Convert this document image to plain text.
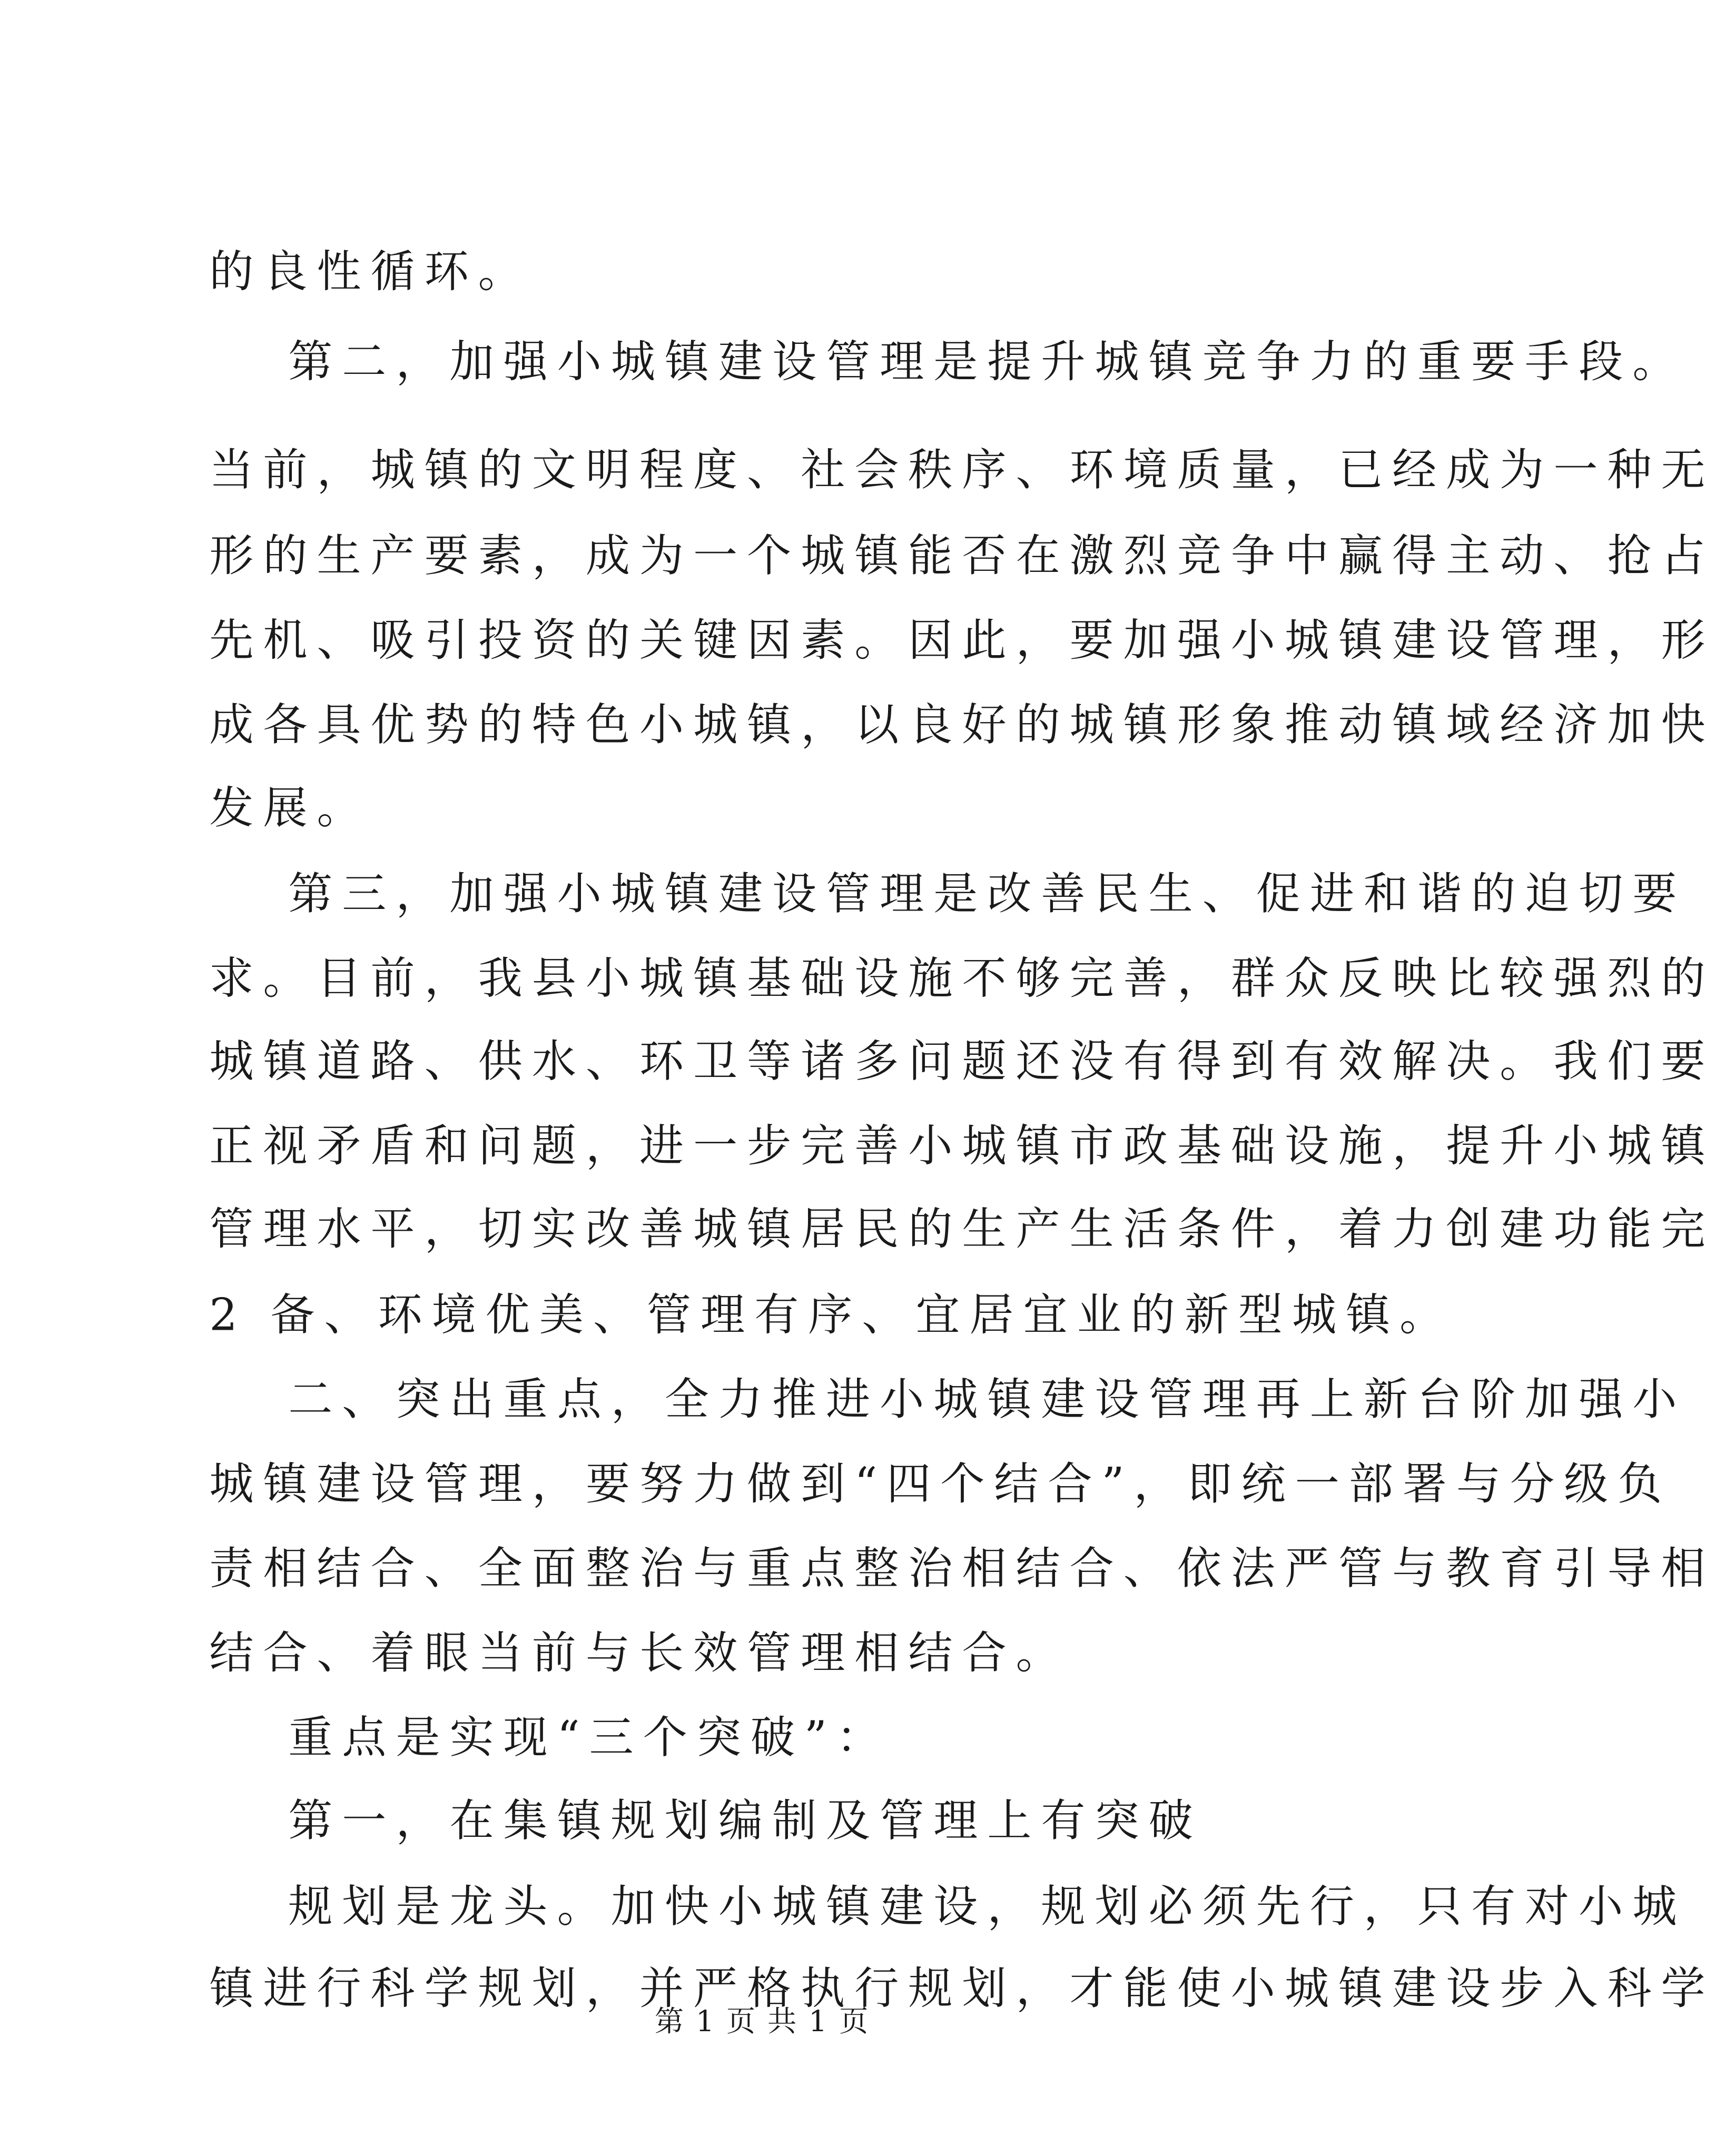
的良性循环。
第二，加强小城镇建设管理是提升城镇竞争力的重要手段。
当前，城镇的文明程度、社会秩序、环境质量，已经成为一种无
形的生产要素，成为一个城镇能否在激烈竞争中赢得主动、抢占
先机、吸引投资的关键因素。因此，要加强小城镇建设管理，形
成各具优势的特色小城镇，以良好的城镇形象推动镇域经济加快
发展。
第三，加强小城镇建设管理是改善民生、促进和谐的迫切要
求。目前，我县小城镇基础设施不够完善，群众反映比较强烈的
城镇道路、供水、环卫等诸多问题还没有得到有效解决。我们要
正视矛盾和问题，进一步完善小城镇市政基础设施，提升小城镇
管理水平，切实改善城镇居民的生产生活条件，着力创建功能完
2 备、环境优美、管理有序、宜居宜业的新型城镇。
二、突出重点，全力推进小城镇建设管理再上新台阶加强小
城镇建设管理，要努力做到“四个结合”，即统一部署与分级负
责相结合、全面整治与重点整治相结合、依法严管与教育引导相
结合、着眼当前与长效管理相结合。
重点是实现“三个突破”：
第一，在集镇规划编制及管理上有突破
规划是龙头。加快小城镇建设，规划必须先行，只有对小城
镇进行科学规划，并严格执行规划，才能使小城镇建设步入科学
第 1 页 共 1 页
